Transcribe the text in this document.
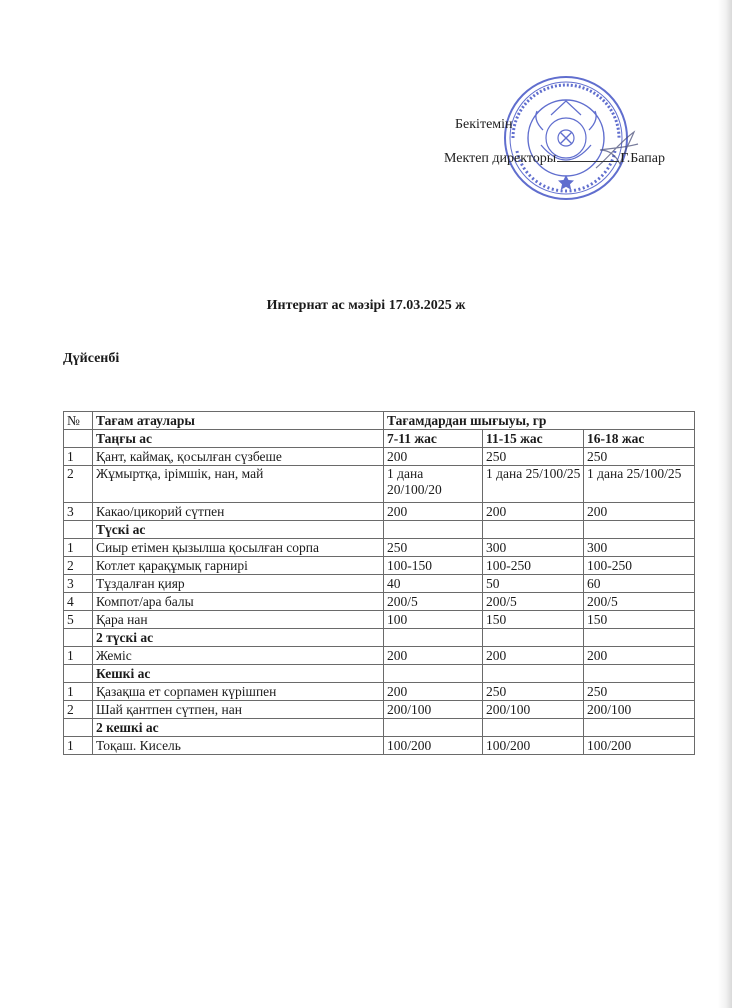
Бекітемін
Мектеп директоры	Г.Бапар
Интернат ас мәзірі 17.03.2025 ж
Дүйсенбі
№	Тағам атаулары	Тағамдардан шығыуы, гр		
	Таңғы ас	7-11 жас	11-15 жас	16-18 жас
1	Қант, каймақ, қосылған сүзбеше	200	250	250
2	Жұмыртқа, ірімшік, нан, май	1 дана 20/100/20	1 дана 25/100/25	1 дана 25/100/25
3	Какао/цикорий сүтпен	200	200	200
	Түскі ас			
1	Сиыр етімен қызылша қосылған сорпа	250	300	300
2	Котлет қарақұмық гарнирі	100-150	100-250	100-250
3	Тұздалған қияр	40	50	60
4	Компот/ара балы	200/5	200/5	200/5
5	Қара нан	100	150	150
	2 түскі ас			
1	Жеміс	200	200	200
	Кешкі ас			
1	Қазақша ет сорпамен күрішпен	200	250	250
2	Шай қантпен сүтпен, нан	200/100	200/100	200/100
	2 кешкі ас			
1	Тоқаш. Кисель	100/200	100/200	100/200
